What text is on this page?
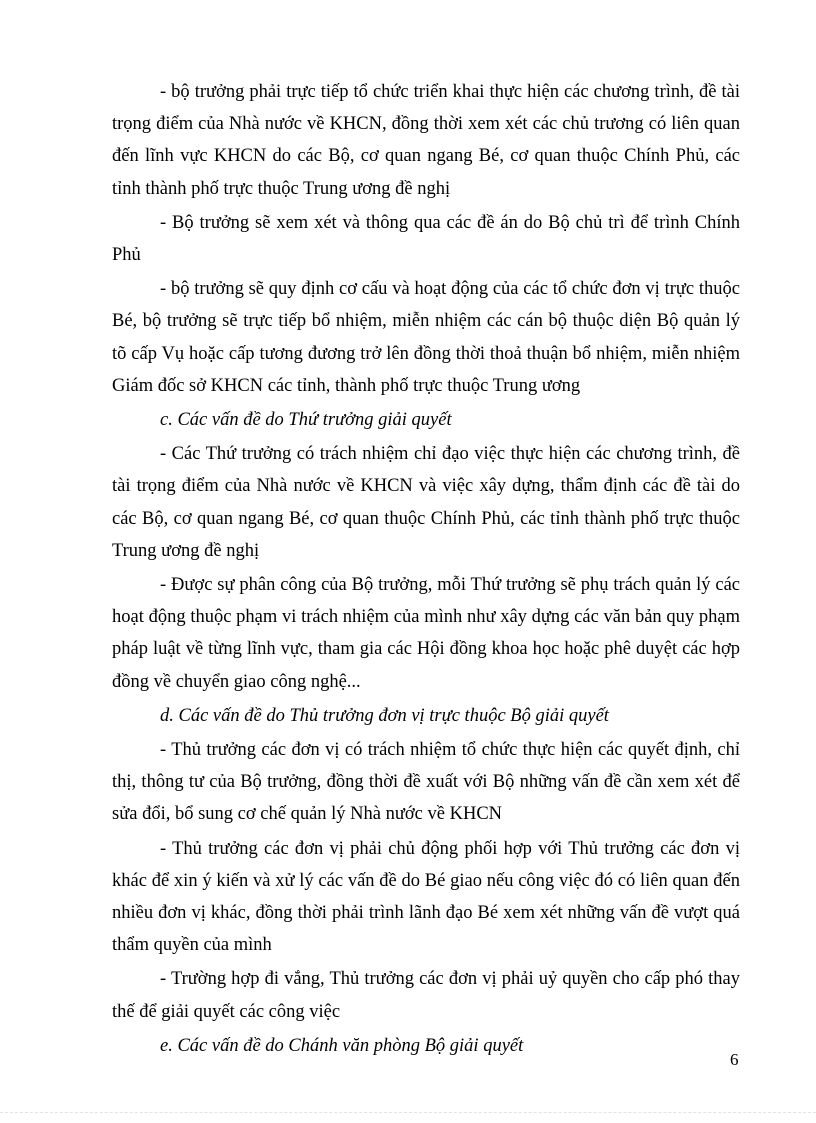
- bộ trưởng phải trực tiếp tổ chức triển khai thực hiện các chương trình, đề tài trọng điểm của Nhà nước về KHCN, đồng thời xem xét các chủ trương có liên quan đến lĩnh vực KHCN do các Bộ, cơ quan ngang Bé, cơ quan thuộc Chính Phủ, các tỉnh thành phố trực thuộc Trung ương đề nghị

- Bộ trưởng sẽ xem xét và thông qua các đề án do Bộ chủ trì để trình Chính Phủ

- bộ trưởng sẽ quy định cơ cấu và hoạt động của các tổ chức đơn vị trực thuộc Bé, bộ trưởng sẽ trực tiếp bổ nhiệm, miễn nhiệm các cán bộ thuộc diện Bộ quản lý tõ cấp Vụ hoặc cấp tương đương trở lên đồng thời thoả thuận bổ nhiệm, miễn nhiệm Giám đốc sở KHCN các tỉnh, thành phố trực thuộc Trung ương

c. Các vấn đề do Thứ trưởng giải quyết

- Các Thứ trưởng có trách nhiệm chỉ đạo việc thực hiện các chương trình, đề tài trọng điểm của Nhà nước về KHCN và việc xây dựng, thẩm định các đề tài do các Bộ, cơ quan ngang Bé, cơ quan thuộc Chính Phủ, các tỉnh thành phố trực thuộc Trung ương đề nghị

- Được sự phân công của Bộ trưởng, mỗi Thứ trưởng sẽ phụ trách quản lý các hoạt động thuộc phạm vi trách nhiệm của mình như xây dựng các văn bản quy phạm pháp luật về từng lĩnh vực, tham gia các Hội đồng khoa học hoặc phê duyệt các hợp đồng về chuyển giao công nghệ...

d. Các vấn đề do Thủ trưởng đơn vị trực thuộc Bộ giải quyết

- Thủ trưởng các đơn vị có trách nhiệm tổ chức thực hiện các quyết định, chỉ thị, thông tư của Bộ trưởng, đồng thời đề xuất với Bộ những vấn đề cần xem xét để sửa đổi, bổ sung cơ chế quản lý Nhà nước về KHCN

- Thủ trưởng các đơn vị phải chủ động phối hợp với Thủ trưởng các đơn vị khác để xin ý kiến và xử lý các vấn đề do Bé giao nếu công việc đó có liên quan đến nhiều đơn vị khác, đồng thời phải trình lãnh đạo Bé xem xét những vấn đề vượt quá thẩm quyền của mình

- Trường hợp đi vắng, Thủ trưởng các đơn vị phải uỷ quyền cho cấp phó thay thế để giải quyết các công việc

e. Các vấn đề do Chánh văn phòng Bộ giải quyết

6
